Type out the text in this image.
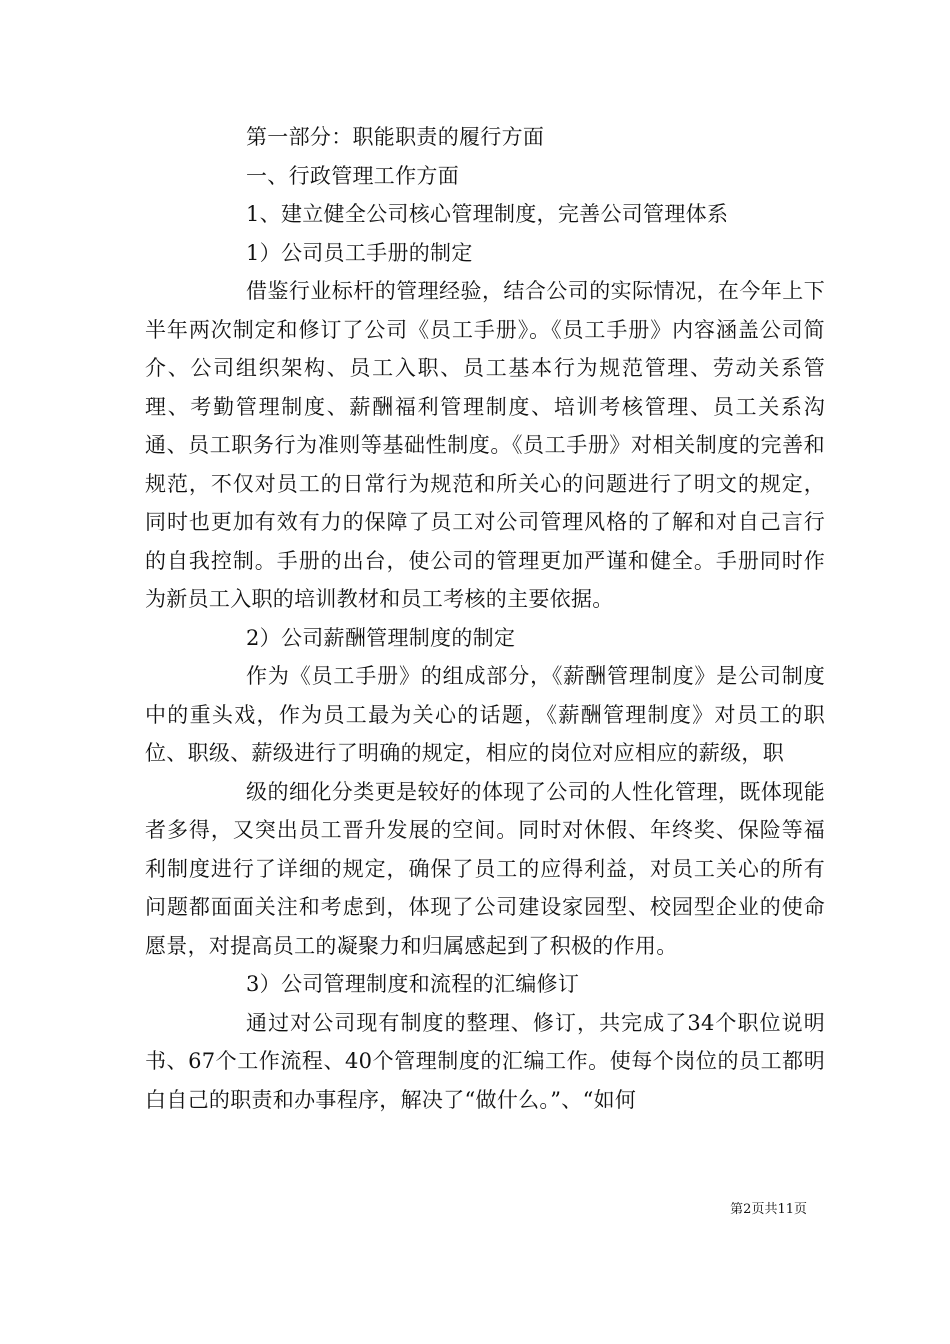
第一部分：职能职责的履行方面

一、行政管理工作方面

1、建立健全公司核心管理制度，完善公司管理体系

1）公司员工手册的制定

借鉴行业标杆的管理经验，结合公司的实际情况，在今年上下半年两次制定和修订了公司《员工手册》。《员工手册》内容涵盖公司简介、公司组织架构、员工入职、员工基本行为规范管理、劳动关系管理、考勤管理制度、薪酬福利管理制度、培训考核管理、员工关系沟通、员工职务行为准则等基础性制度。《员工手册》对相关制度的完善和规范，不仅对员工的日常行为规范和所关心的问题进行了明文的规定，同时也更加有效有力的保障了员工对公司管理风格的了解和对自己言行的自我控制。手册的出台，使公司的管理更加严谨和健全。手册同时作为新员工入职的培训教材和员工考核的主要依据。

2）公司薪酬管理制度的制定

作为《员工手册》的组成部分，《薪酬管理制度》是公司制度中的重头戏，作为员工最为关心的话题，《薪酬管理制度》对员工的职位、职级、薪级进行了明确的规定，相应的岗位对应相应的薪级，职

级的细化分类更是较好的体现了公司的人性化管理，既体现能者多得，又突出员工晋升发展的空间。同时对休假、年终奖、保险等福利制度进行了详细的规定，确保了员工的应得利益，对员工关心的所有问题都面面关注和考虑到，体现了公司建设家园型、校园型企业的使命愿景，对提高员工的凝聚力和归属感起到了积极的作用。

3）公司管理制度和流程的汇编修订

通过对公司现有制度的整理、修订，共完成了34个职位说明书、67个工作流程、40个管理制度的汇编工作。使每个岗位的员工都明白自己的职责和办事程序，解决了“做什么。”、“如何

第2页共11页
